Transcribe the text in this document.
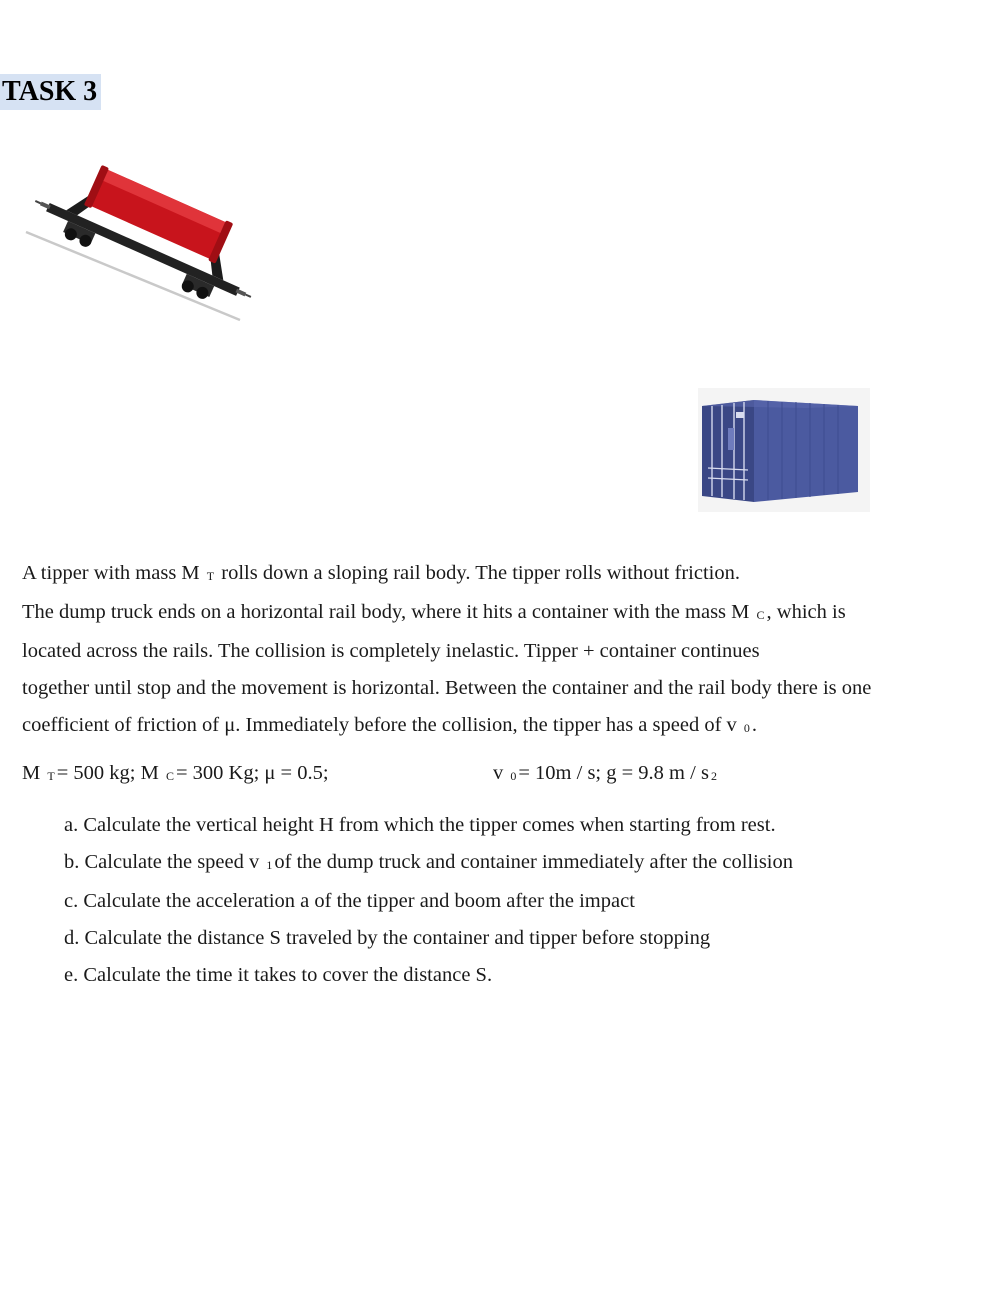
TASK 3

A tipper with mass M T rolls down a sloping rail body. The tipper rolls without friction.

The dump truck ends on a horizontal rail body, where it hits a container with the mass M C, which is

located across the rails. The collision is completely inelastic. Tipper + container continues

together until stop and the movement is horizontal. Between the container and the rail body there is one

coefficient of friction of μ. Immediately before the collision, the tipper has a speed of v 0.

M T= 500 kg; M C= 300 Kg; μ = 0.5;	v 0= 10m / s; g = 9.8 m / s 2
a. Calculate the vertical height H from which the tipper comes when starting from rest.
b. Calculate the speed v 1of the dump truck and container immediately after the collision
c. Calculate the acceleration a of the tipper and boom after the impact
d. Calculate the distance S traveled by the container and tipper before stopping
e. Calculate the time it takes to cover the distance S.
